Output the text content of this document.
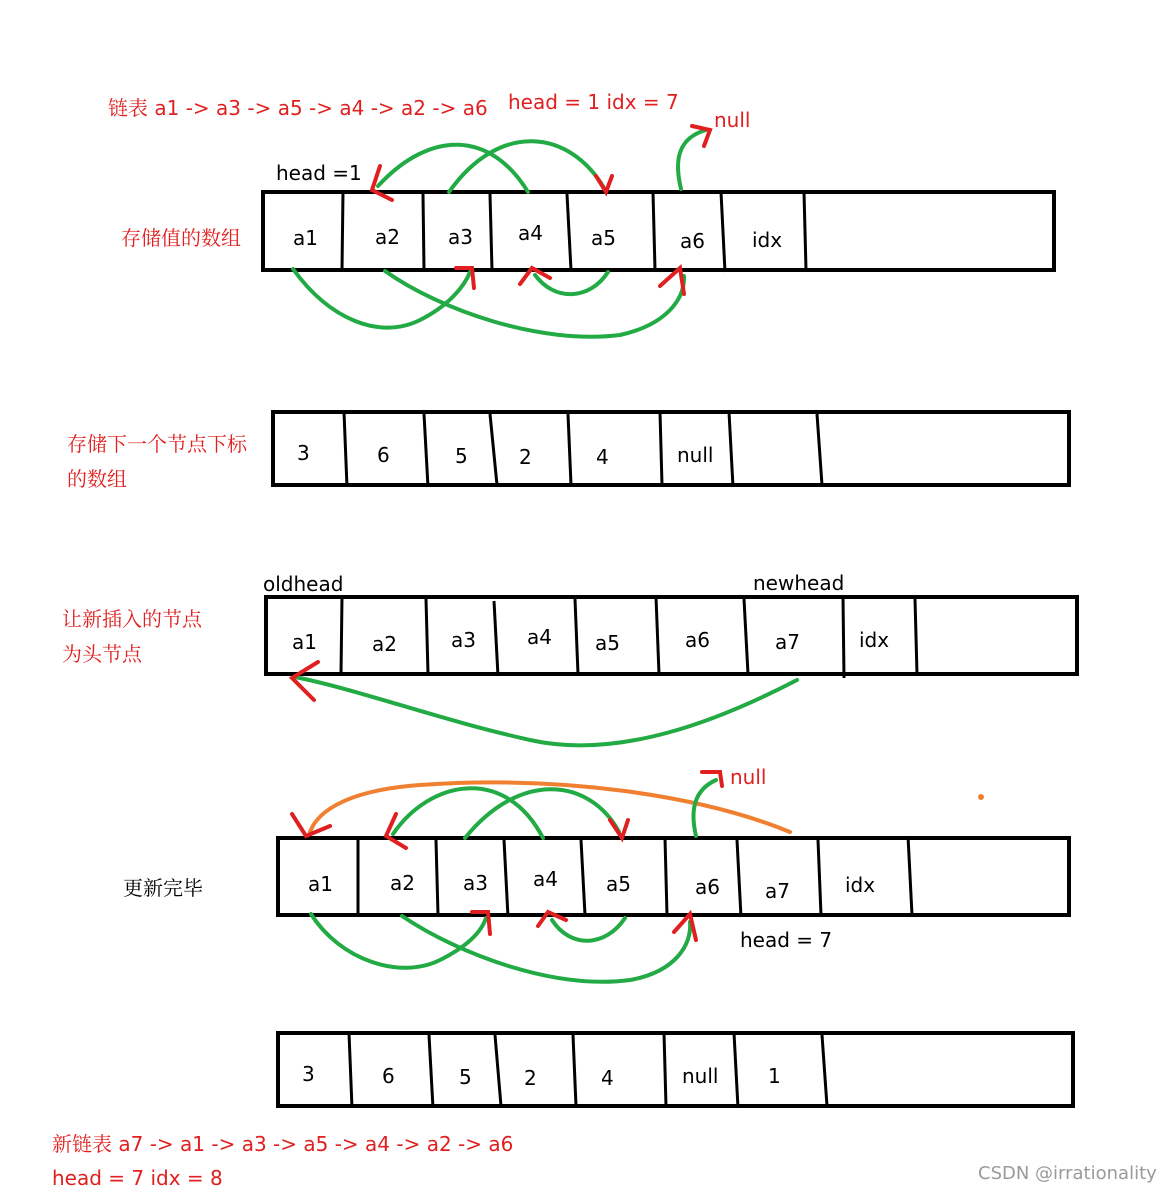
链表 a1 -> a3 -> a5 -> a4 -> a2 -> a6 head = 1 idx = 7
null
head =1
存储值的数组
存储下一个节点下标
的数组
让新插入的节点
为头节点
oldhead	newhead
更新完毕
null
head = 7
新链表 a7 -> a1 -> a3 -> a5 -> a4 -> a2 -> a6
head = 7 idx = 8	CSDN @irrationality
a1	a2 a3 a4 a5	a6 idx
3	6	5	2	4	null
a1	a2	a3	a4 a5	a6	a7	idx
a1	a2 a3 a4 a5	a6 a7	idx
3	6	5	2	4	null 1
